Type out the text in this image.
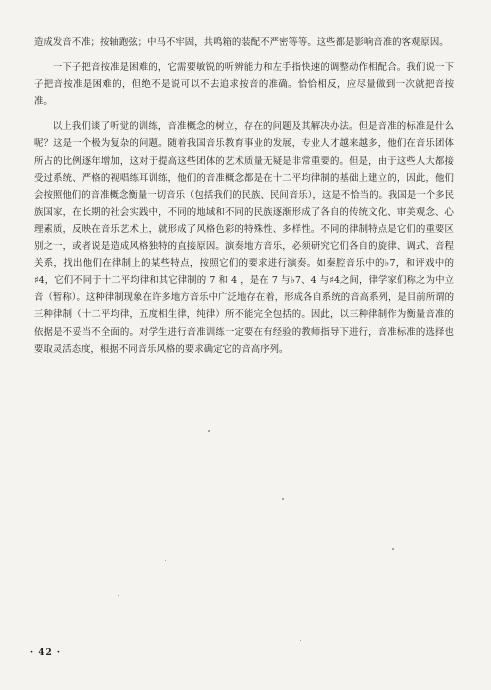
造成发音不准；按轴跑弦；中马不牢固，共鸣箱的装配不严密等等。这些都是影响音准的客观原因。

一下子把音按准是困难的，它需要敏锐的听辨能力和左手指快速的调整动作相配合。我们说一下子把音按准是困难的，但绝不是说可以不去追求按音的准确。恰恰相反，应尽量做到一次就把音按准。

以上我们谈了听觉的训练，音准概念的树立，存在的问题及其解决办法。但是音准的标准是什么呢？这是一个极为复杂的问题。随着我国音乐教育事业的发展，专业人才越来越多，他们在音乐团体所占的比例逐年增加，这对于提高这些团体的艺术质量无疑是非常重要的。但是，由于这些人大都接受过系统、严格的视唱练耳训练，他们的音准概念都是在十二平均律制的基础上建立的，因此，他们会按照他们的音准概念衡量一切音乐（包括我们的民族、民间音乐），这是不恰当的。我国是一个多民族国家，在长期的社会实践中，不同的地域和不同的民族逐渐形成了各自的传统文化、审美观念、心理素质，反映在音乐艺术上，就形成了风格色彩的特殊性、多样性。不同的律制特点是它们的重要区别之一，或者说是造成风格独特的直接原因。演奏地方音乐，必须研究它们各自的旋律、调式、音程关系，找出他们在律制上的某些特点，按照它们的要求进行演奏。如秦腔音乐中的♭7，和评戏中的♯4，它们不同于十二平均律和其它律制的 7 和 4 ，是在 7 与♭7、4 与♯4之间，律学家们称之为中立音（暂称）。这种律制现象在许多地方音乐中广泛地存在着，形成各自系统的音高系列，是目前所谓的三种律制（十二平均律，五度相生律，纯律）所不能完全包括的。因此，以三种律制作为衡量音准的依据是不妥当不全面的。对学生进行音准训练一定要在有经验的教师指导下进行，音准标准的选择也要取灵活态度，根据不同音乐风格的要求确定它的音高序列。

· 42 ·
